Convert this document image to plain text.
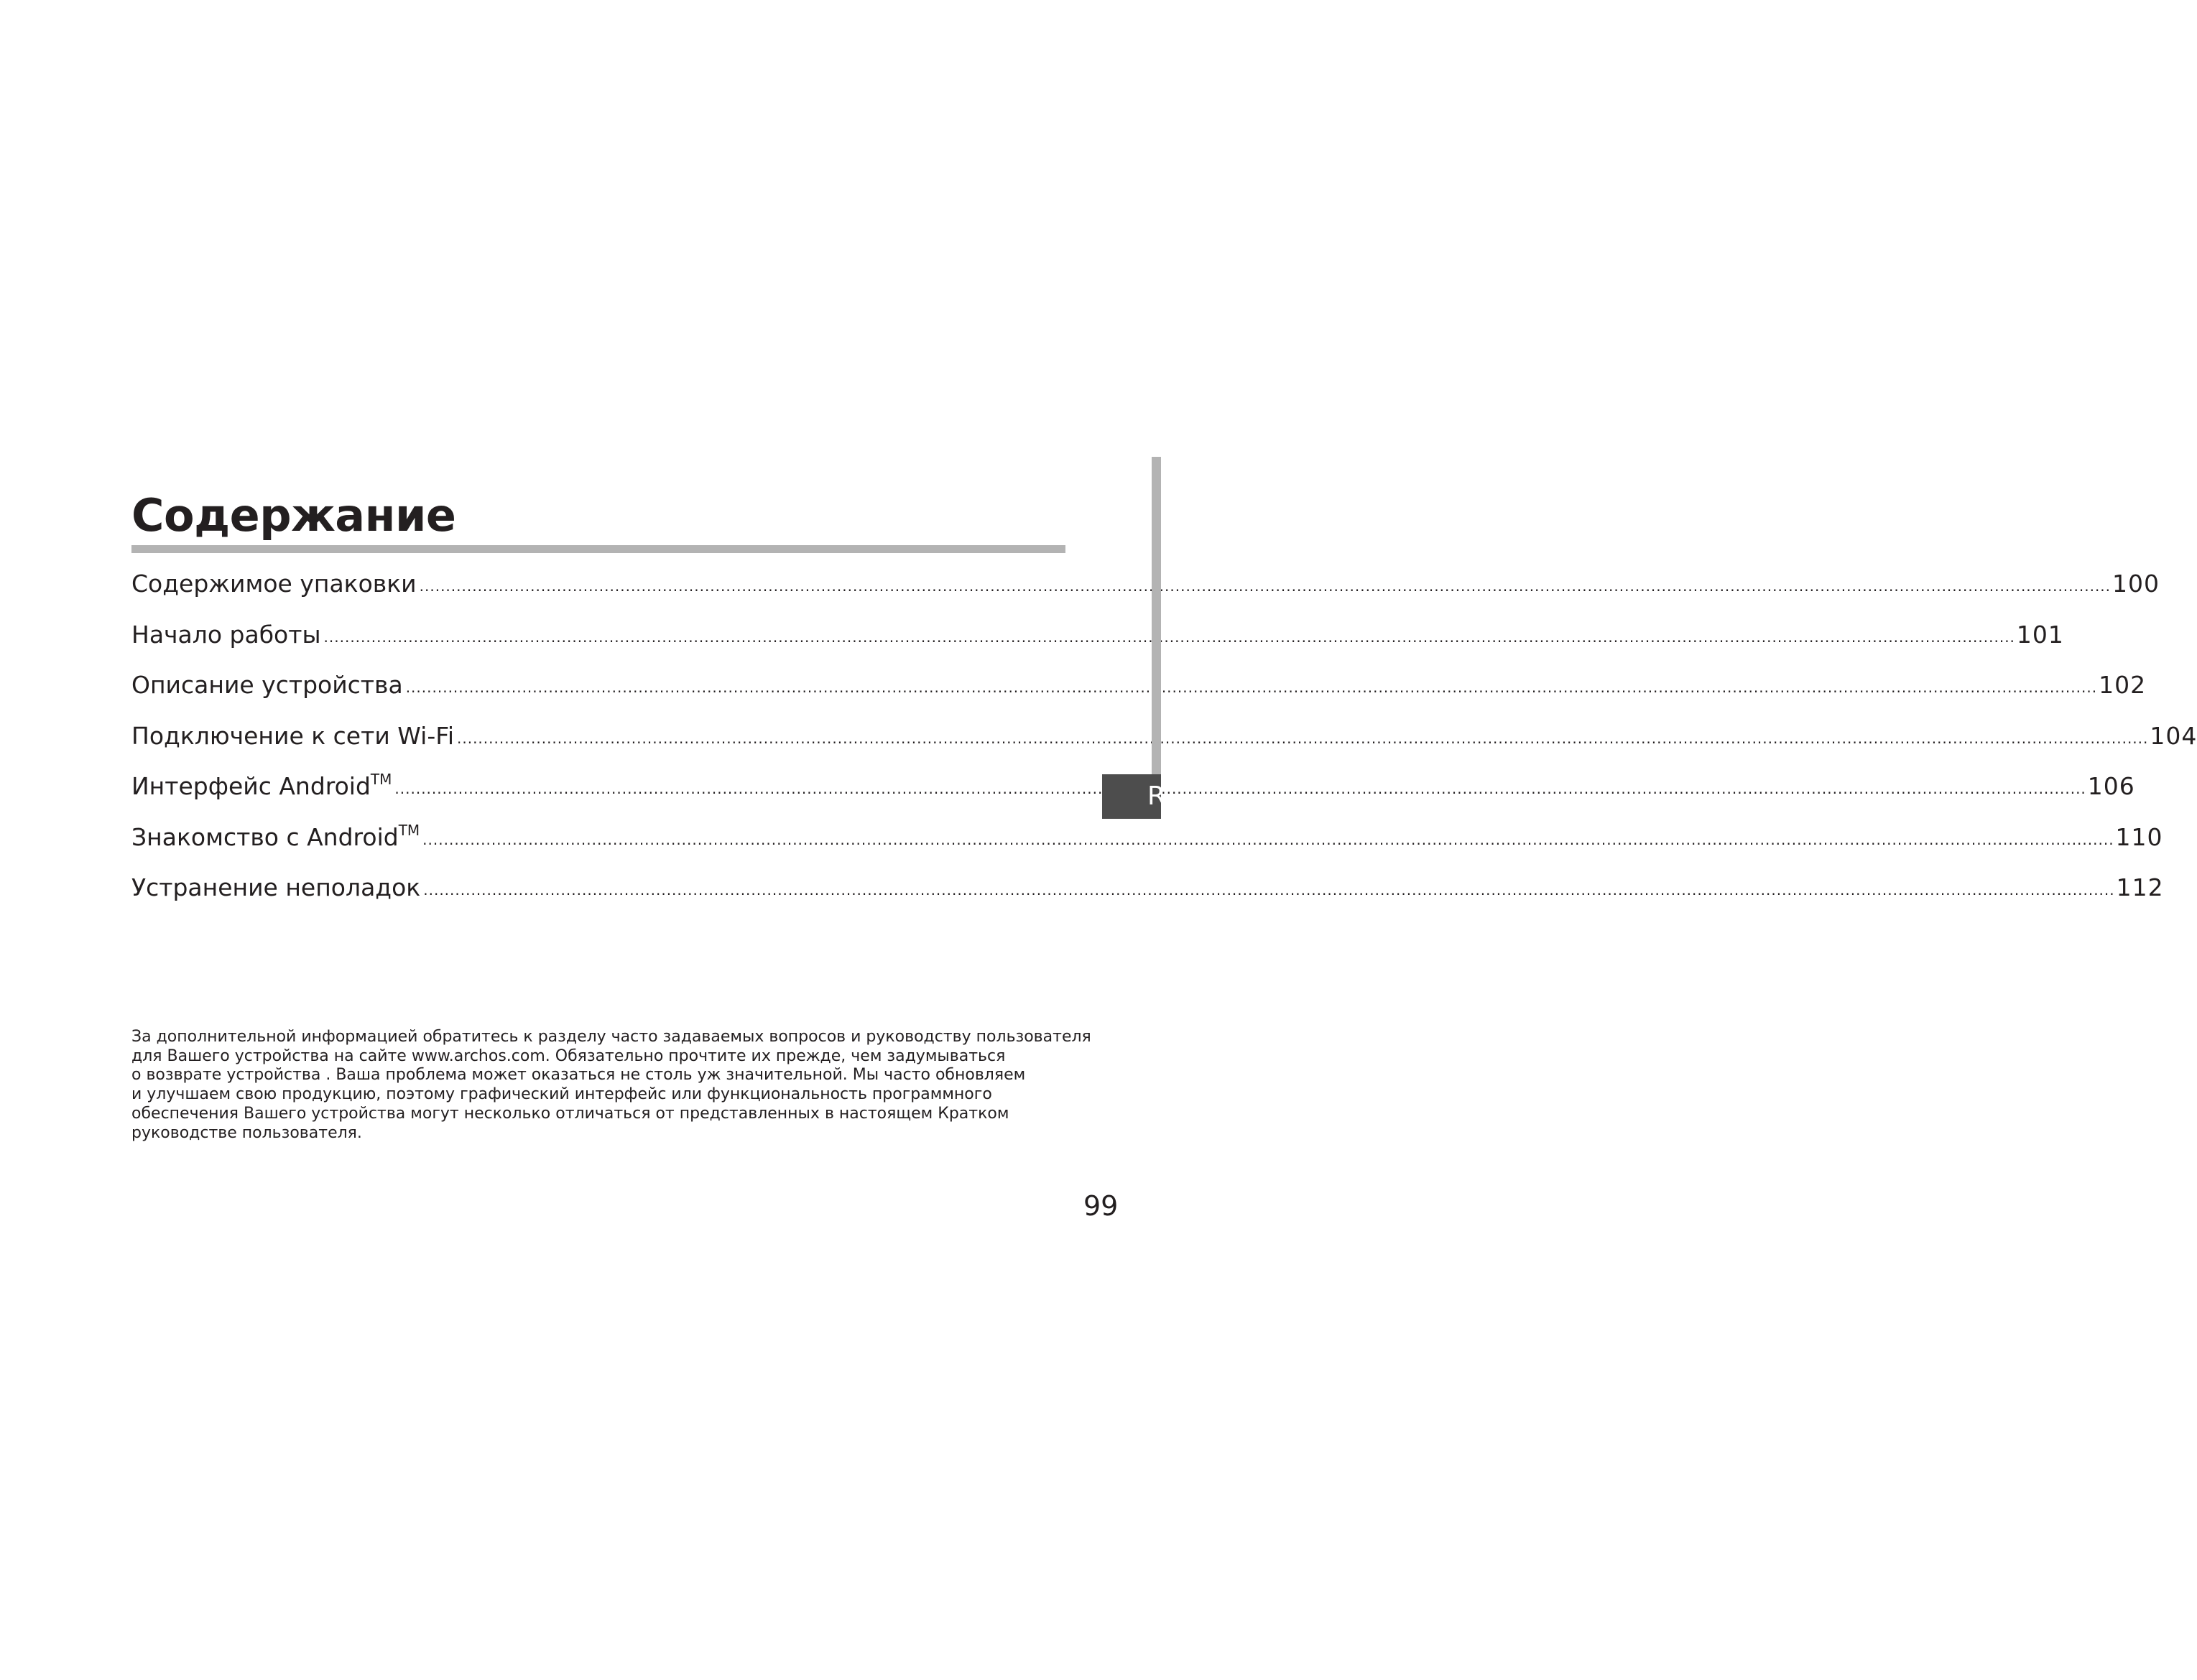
Содержание
Содержимое упаковки .....	100
Начало работы .....	101
Описание устройства .....	102
Подключение к сети Wi-Fi .....	104
Интерфейс Android™ .....	106
Знакомство с Android™ .....	110
Устранение неполадок .....	112

За дополнительной информацией обратитесь к разделу часто задаваемых вопросов и руководству пользователя
для Вашего устройства на сайте www.archos.com. Обязательно прочтите их прежде, чем задумываться
о возврате устройства . Ваша проблема может оказаться не столь уж значительной. Мы часто обновляем
и улучшаем свою продукцию, поэтому графический интерфейс или функциональность программного
обеспечения Вашего устройства могут несколько отличаться от представленных в настоящем Кратком
руководстве пользователя.

99
R
